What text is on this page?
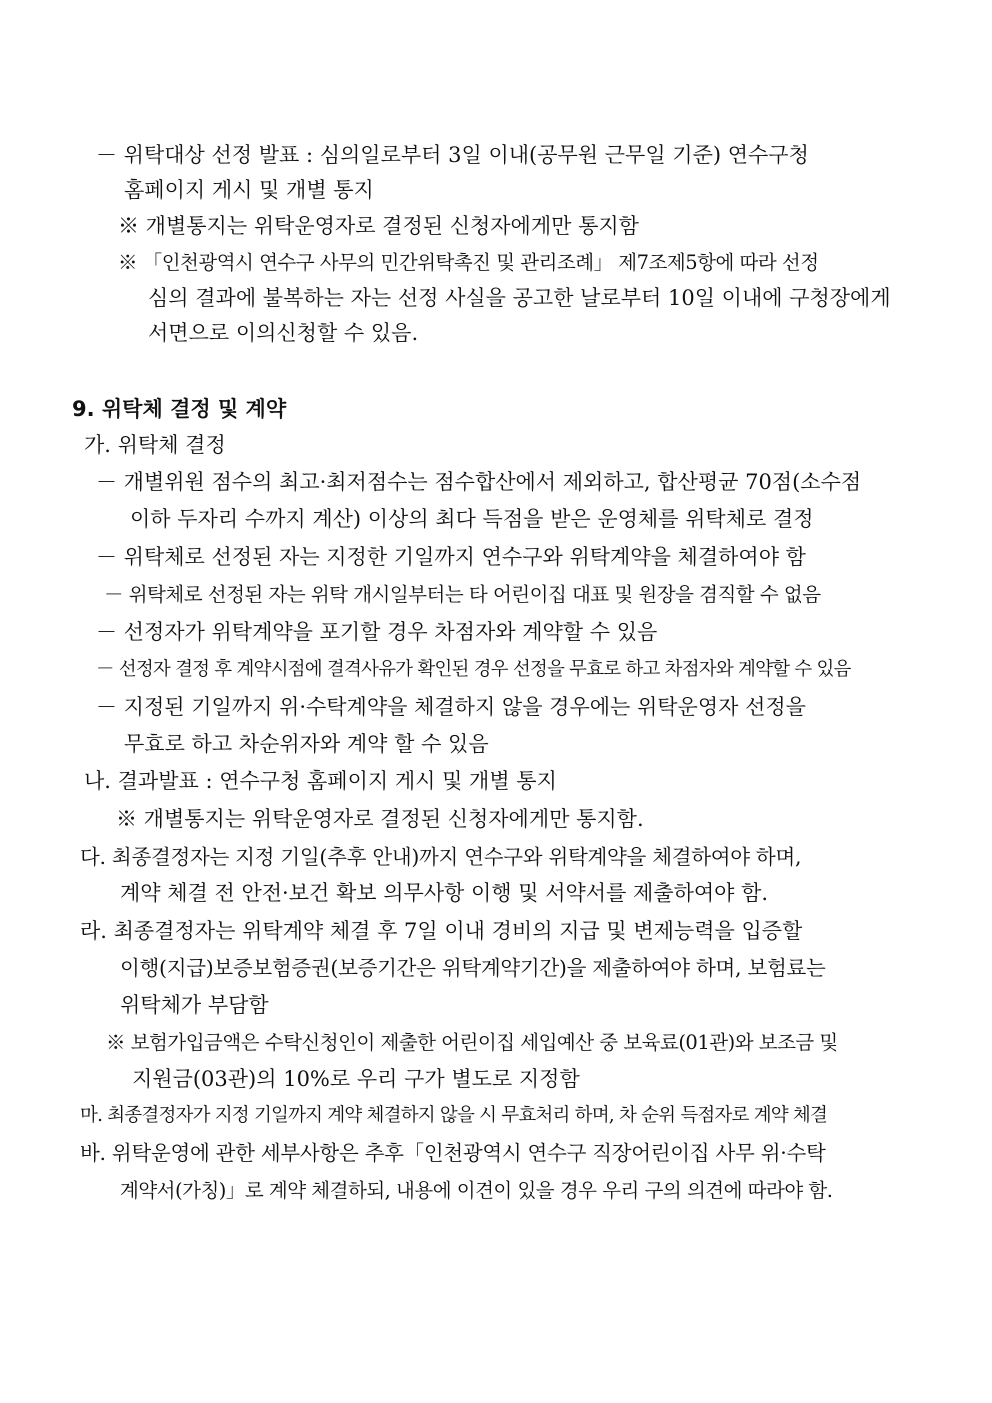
－ 위탁대상 선정 발표 : 심의일로부터 3일 이내(공무원 근무일 기준) 연수구청
홈페이지 게시 및 개별 통지
※ 개별통지는 위탁운영자로 결정된 신청자에게만 통지함
※ 「인천광역시 연수구 사무의 민간위탁촉진 및 관리조례」 제7조제5항에 따라 선정
심의 결과에 불복하는 자는 선정 사실을 공고한 날로부터 10일 이내에 구청장에게
서면으로 이의신청할 수 있음.
9. 위탁체 결정 및 계약
가. 위탁체 결정
－ 개별위원 점수의 최고·최저점수는 점수합산에서 제외하고, 합산평균 70점(소수점
이하 두자리 수까지 계산) 이상의 최다 득점을 받은 운영체를 위탁체로 결정
－ 위탁체로 선정된 자는 지정한 기일까지 연수구와 위탁계약을 체결하여야 함
－ 위탁체로 선정된 자는 위탁 개시일부터는 타 어린이집 대표 및 원장을 겸직할 수 없음
－ 선정자가 위탁계약을 포기할 경우 차점자와 계약할 수 있음
－ 선정자 결정 후 계약시점에 결격사유가 확인된 경우 선정을 무효로 하고 차점자와 계약할 수 있음
－ 지정된 기일까지 위·수탁계약을 체결하지 않을 경우에는 위탁운영자 선정을
무효로 하고 차순위자와 계약 할 수 있음
나. 결과발표 : 연수구청 홈페이지 게시 및 개별 통지
※ 개별통지는 위탁운영자로 결정된 신청자에게만 통지함.
다. 최종결정자는 지정 기일(추후 안내)까지 연수구와 위탁계약을 체결하여야 하며,
계약 체결 전 안전·보건 확보 의무사항 이행 및 서약서를 제출하여야 함.
라. 최종결정자는 위탁계약 체결 후 7일 이내 경비의 지급 및 변제능력을 입증할
이행(지급)보증보험증권(보증기간은 위탁계약기간)을 제출하여야 하며, 보험료는
위탁체가 부담함
※ 보험가입금액은 수탁신청인이 제출한 어린이집 세입예산 중 보육료(01관)와 보조금 및
지원금(03관)의 10%로 우리 구가 별도로 지정함
마. 최종결정자가 지정 기일까지 계약 체결하지 않을 시 무효처리 하며, 차 순위 득점자로 계약 체결
바. 위탁운영에 관한 세부사항은 추후「인천광역시 연수구 직장어린이집 사무 위·수탁
계약서(가칭)」로 계약 체결하되, 내용에 이견이 있을 경우 우리 구의 의견에 따라야 함.
